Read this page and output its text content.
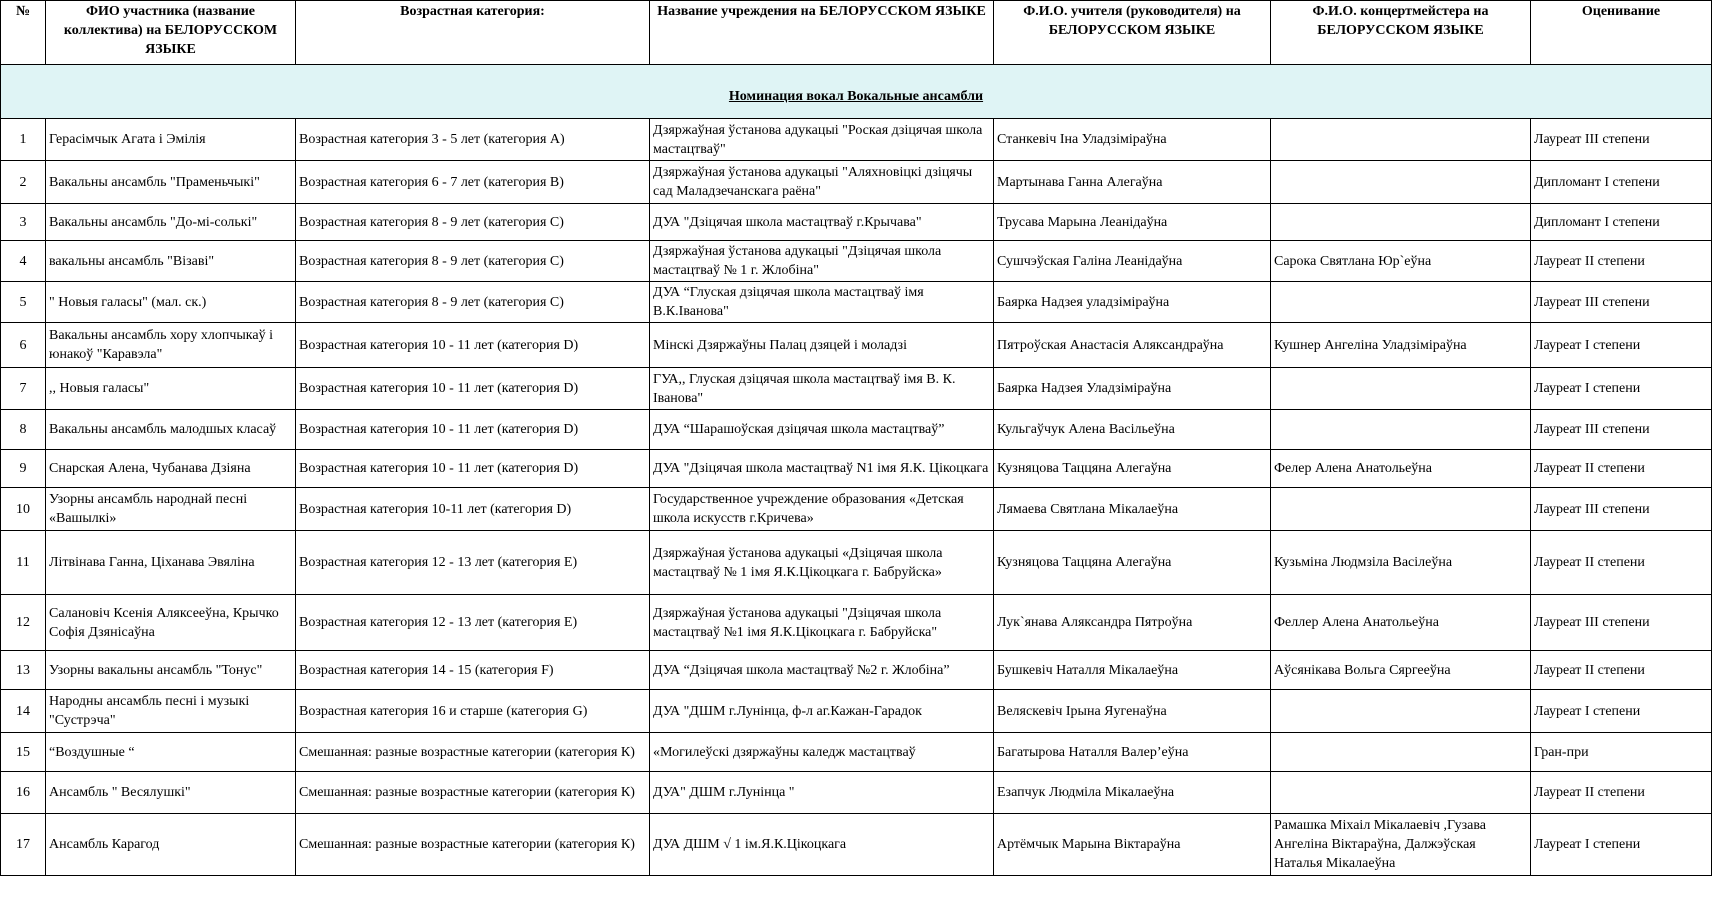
№	ФИО участника (название коллектива) на БЕЛОРУССКОМ ЯЗЫКЕ	Возрастная категория:	Название учреждения на БЕЛОРУССКОМ ЯЗЫКЕ	Ф.И.О. учителя (руководителя) на БЕЛОРУССКОМ ЯЗЫКЕ	Ф.И.О. концертмейстера на БЕЛОРУССКОМ ЯЗЫКЕ	Оценивание
Номинация вокал Вокальные ансамбли						
1	Герасімчык Агата і Эмілія	Возрастная категория 3 - 5 лет (категория А)	Дзяржаўная ўстанова адукацыі "Роская дзіцячая школа мастацтваў"	Станкевіч Іна Уладзіміраўна		Лауреат III степени
2	Вакальны ансамбль "Праменьчыкі"	Возрастная категория 6 - 7 лет (категория В)	Дзяржаўная ўстанова адукацыі "Аляхновіцкі дзіцячы сад Маладзечанскага раёна"	Мартынава Ганна Алегаўна		Дипломант I степени
3	Вакальны ансамбль "До-мі-солькі"	Возрастная категория 8 - 9 лет (категория С)	ДУА "Дзіцячая школа мастацтваў г.Крычава"	Трусава Марына Леанідаўна		Дипломант I степени
4	вакальны ансамбль "Візаві"	Возрастная категория 8 - 9 лет (категория С)	Дзяржаўная ўстанова адукацыі "Дзіцячая школа мастацтваў № 1 г. Жлобіна"	Сушчэўская Галіна Леанідаўна	Сарока Святлана Юр`еўна	Лауреат II степени
5	" Новыя галасы" (мал. ск.)	Возрастная категория 8 - 9 лет (категория С)	ДУА “Глуская дзіцячая школа мастацтваў імя В.К.Іванова"	Баярка Надзея уладзіміраўна		Лауреат III степени
6	Вакальны ансамбль хору хлопчыкаў і юнакоў "Каравэла"	Возрастная категория 10 - 11 лет (категория D)	Мінскі Дзяржаўны Палац дзяцей і моладзі	Пятроўская Анастасія Аляксандраўна	Кушнер Ангеліна Уладзіміраўна	Лауреат I степени
7	,, Новыя галасы"	Возрастная категория 10 - 11 лет (категория D)	ГУА,, Глуская дзіцячая школа мастацтваў імя В. К. Іванова"	Баярка Надзея Уладзіміраўна		Лауреат I степени
8	Вакальны ансамбль малодшых класаў	Возрастная категория 10 - 11 лет (категория D)	ДУА “Шарашоўская дзіцячая школа мастацтваў”	Кульгаўчук Алена Васільеўна		Лауреат III степени
9	Снарская Алена, Чубанава Дзіяна	Возрастная категория 10 - 11 лет (категория D)	ДУА "Дзіцячая школа мастацтваў N1 імя Я.К. Цікоцкага	Кузняцова Таццяна Алегаўна	Фелер Алена Анатольеўна	Лауреат II степени
10	Узорны ансамбль народнай песні «Вашылкі»	Возрастная категория 10-11 лет (категория D)	Государственное учреждение образования «Детская школа искусств г.Кричева»	Лямаева Святлана Мікалаеўна		Лауреат III степени
11	Літвінава Ганна, Ціханава Эвяліна	Возрастная категория 12 - 13 лет (категория Е)	Дзяржаўная ўстанова адукацыі «Дзіцячая школа мастацтваў № 1 імя Я.К.Цікоцкага г. Бабруйска»	Кузняцова Таццяна Алегаўна	Кузьміна Людмзіла Васілеўна	Лауреат II степени
12	Салановіч Ксенія Аляксееўна, Крычко Софія Дзянісаўна	Возрастная категория 12 - 13 лет (категория Е)	Дзяржаўная ўстанова адукацыі "Дзіцячая школа мастацтваў №1 імя Я.К.Цікоцкага г. Бабруйска"	Лук`янава Аляксандра Пятроўна	Феллер Алена Анатольеўна	Лауреат III степени
13	Узорны вакальны ансамбль "Тонус"	Возрастная категория 14 - 15 (категория F)	ДУА “Дзіцячая школа мастацтваў №2 г. Жлобіна”	Бушкевіч Наталля Мікалаеўна	Аўсянікава Вольга Сяргееўна	Лауреат II степени
14	Народны ансамбль песні і музыкі "Сустрэча"	Возрастная категория 16 и старше (категория G)	ДУА "ДШМ г.Лунінца, ф-л аг.Кажан-Гарадок	Веляскевіч Ірына Яугенаўна		Лауреат I степени
15	“Воздушные “	Смешанная: разные возрастные категории (категория К)	«Могилеўскі дзяржаўны каледж мастацтваў	Багатырова Наталля Валер’еўна		Гран-при
16	Ансамбль " Весялушкі"	Смешанная: разные возрастные категории (категория К)	ДУА" ДШМ г.Лунінца "	Езапчук Людміла Мікалаеўна		Лауреат II степени
17	Ансамбль Карагод	Смешанная: разные возрастные категории (категория К)	ДУА ДШМ √ 1 ім.Я.К.Цікоцкага	Артёмчык Марына Віктараўна	Рамашка Міхаіл Мікалаевіч ,Гузава Ангеліна Віктараўна, Далжэўская Наталья Мікалаеўна	Лауреат I степени
